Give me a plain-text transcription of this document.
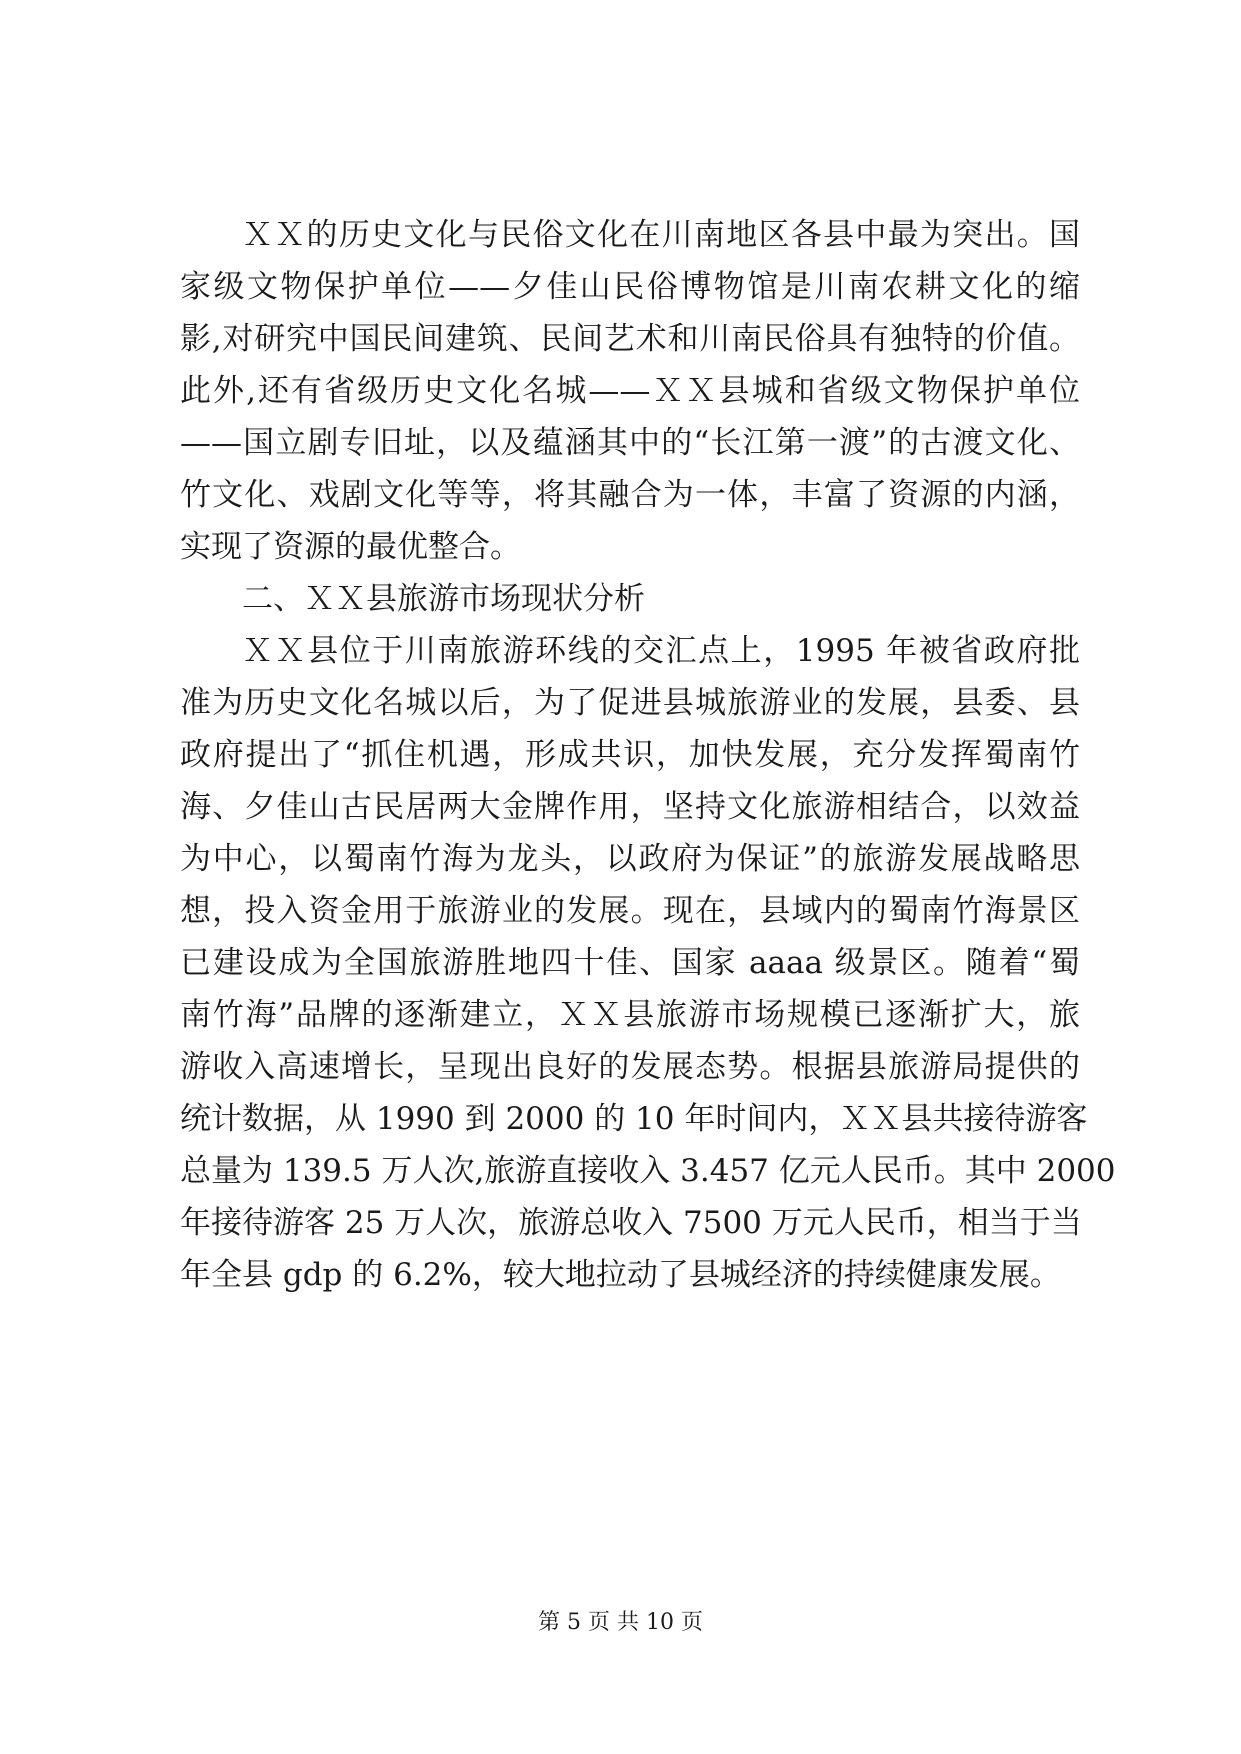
ＸＸ的历史文化与民俗文化在川南地区各县中最为突出。国
家级文物保护单位——夕佳山民俗博物馆是川南农耕文化的缩
影,对研究中国民间建筑、民间艺术和川南民俗具有独特的价值。
此外,还有省级历史文化名城——ＸＸ县城和省级文物保护单位
——国立剧专旧址，以及蕴涵其中的“长江第一渡”的古渡文化、
竹文化、戏剧文化等等，将其融合为一体，丰富了资源的内涵，
实现了资源的最优整合。
二、ＸＸ县旅游市场现状分析
ＸＸ县位于川南旅游环线的交汇点上，1995 年被省政府批
准为历史文化名城以后，为了促进县城旅游业的发展，县委、县
政府提出了“抓住机遇，形成共识，加快发展，充分发挥蜀南竹
海、夕佳山古民居两大金牌作用，坚持文化旅游相结合，以效益
为中心，以蜀南竹海为龙头，以政府为保证”的旅游发展战略思
想，投入资金用于旅游业的发展。现在，县域内的蜀南竹海景区
已建设成为全国旅游胜地四十佳、国家 aaaa 级景区。随着“蜀
南竹海”品牌的逐渐建立，ＸＸ县旅游市场规模已逐渐扩大，旅
游收入高速增长，呈现出良好的发展态势。根据县旅游局提供的
统计数据，从 1990 到 2000 的 10 年时间内，ＸＸ县共接待游客
总量为 139.5 万人次,旅游直接收入 3.457 亿元人民币。其中 2000
年接待游客 25 万人次，旅游总收入 7500 万元人民币，相当于当
年全县 gdp 的 6.2%，较大地拉动了县城经济的持续健康发展。
第 5 页 共 10 页
